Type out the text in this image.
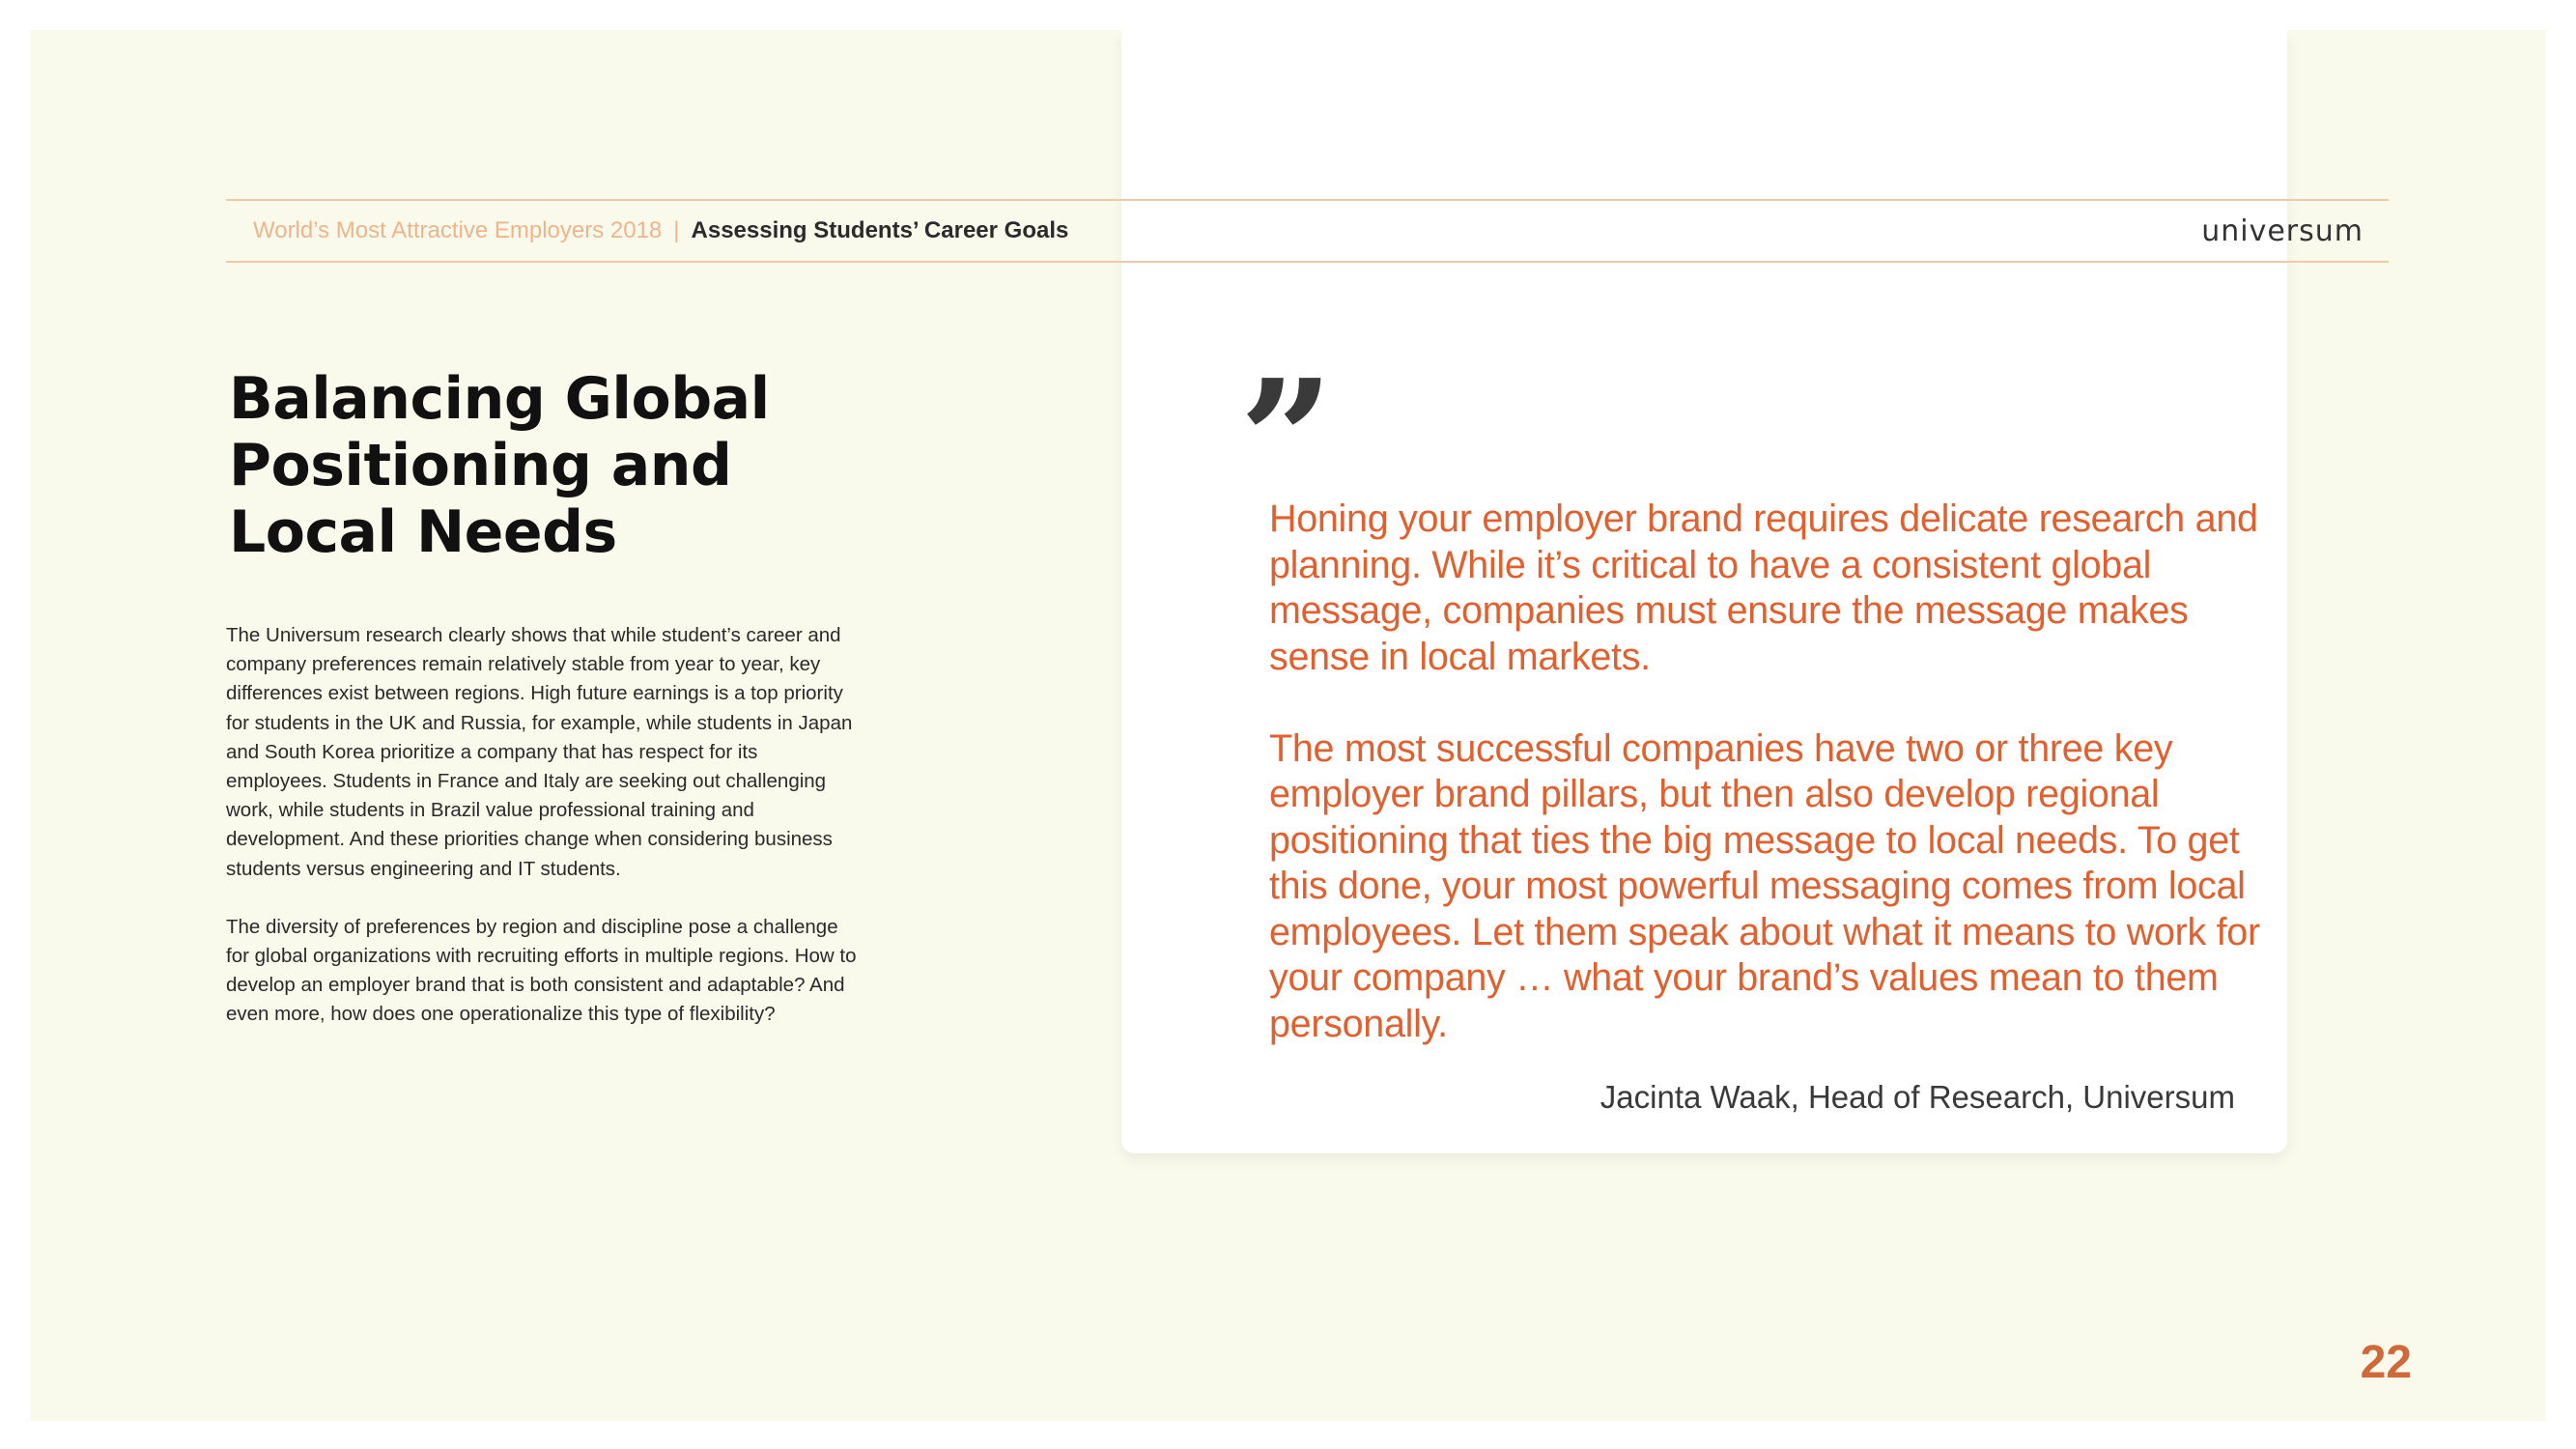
World’s Most Attractive Employers 2018 | Assessing Students’ Career Goals	universum
Balancing Global Positioning and Local Needs

The Universum research clearly shows that while student’s career and company preferences remain relatively stable from year to year, key differences exist between regions. High future earnings is a top priority for students in the UK and Russia, for example, while students in Japan and South Korea prioritize a company that has respect for its employees. Students in France and Italy are seeking out challenging work, while students in Brazil value professional training and development. And these priorities change when considering business students versus engineering and IT students.

The diversity of preferences by region and discipline pose a challenge for global organizations with recruiting efforts in multiple regions. How to develop an employer brand that is both consistent and adaptable? And even more, how does one operationalize this type of flexibility?

”

Honing your employer brand requires delicate research and planning. While it’s critical to have a consistent global message, companies must ensure the message makes sense in local markets.

The most successful companies have two or three key employer brand pillars, but then also develop regional positioning that ties the big message to local needs. To get this done, your most powerful messaging comes from local employees. Let them speak about what it means to work for your company … what your brand’s values mean to them personally.

Jacinta Waak, Head of Research, Universum
22
